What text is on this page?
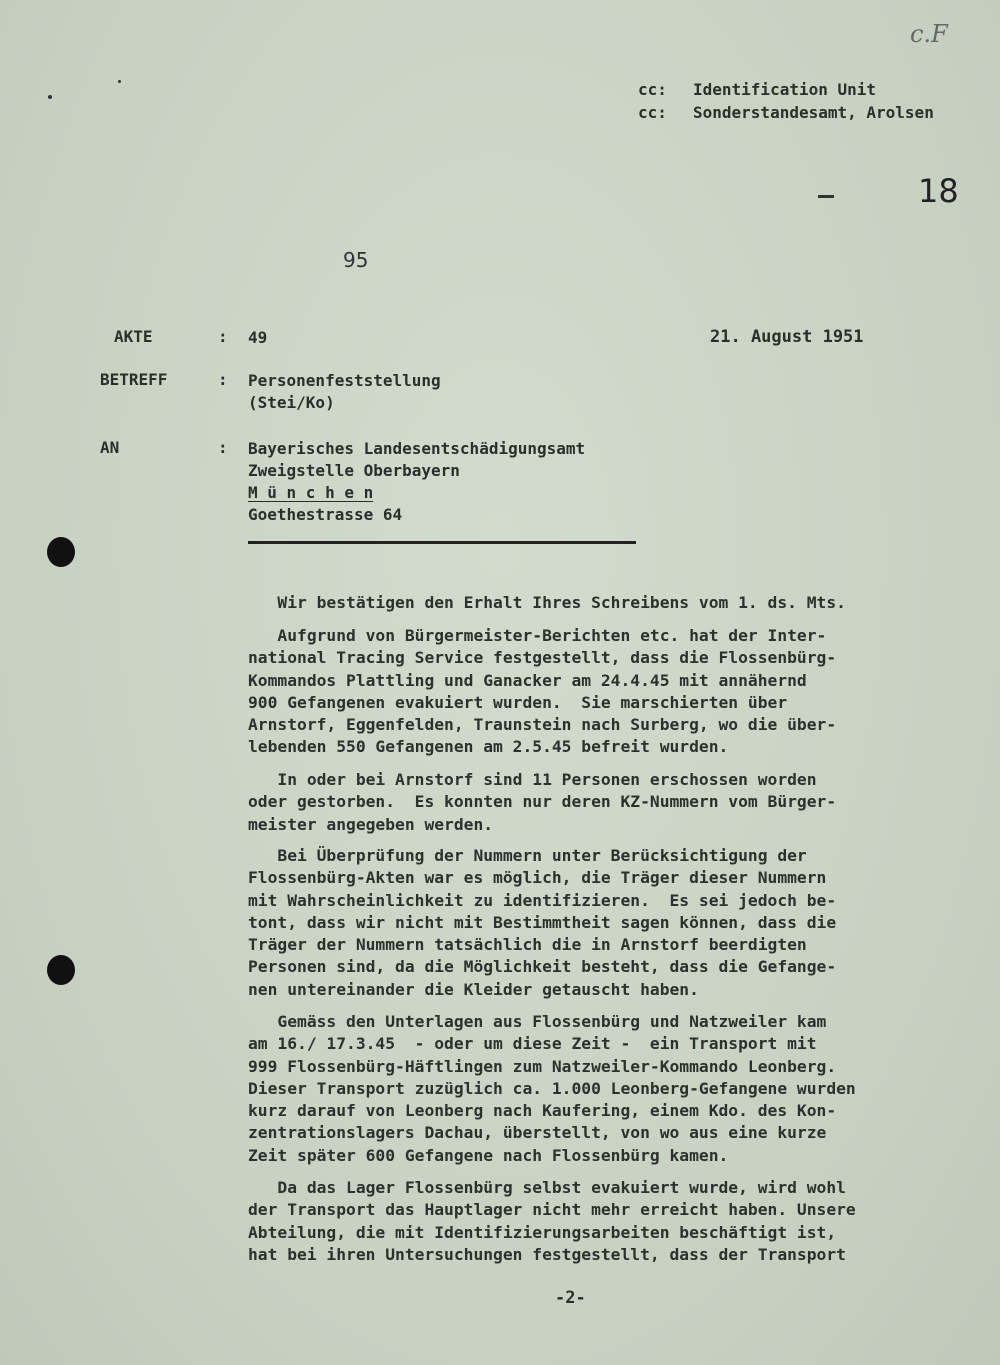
c.F
cc: Identification Unit
cc: Sonderstandesamt, Arolsen
18
95
AKTE	: 49	21. August 1951
BETREFF	: Personenfeststellung
(Stei/Ko)
AN	: Bayerisches Landesentschädigungsamt
Zweigstelle Oberbayern
M ü n c h e n
Goethestrasse 64
Wir bestätigen den Erhalt Ihres Schreibens vom 1. ds. Mts.
Aufgrund von Bürgermeister-Berichten etc. hat der Inter-
national Tracing Service festgestellt, dass die Flossenbürg-
Kommandos Plattling und Ganacker am 24.4.45 mit annähernd
900 Gefangenen evakuiert wurden.  Sie marschierten über
Arnstorf, Eggenfelden, Traunstein nach Surberg, wo die über-
lebenden 550 Gefangenen am 2.5.45 befreit wurden.
In oder bei Arnstorf sind 11 Personen erschossen worden
oder gestorben.  Es konnten nur deren KZ-Nummern vom Bürger-
meister angegeben werden.
Bei Überprüfung der Nummern unter Berücksichtigung der
Flossenbürg-Akten war es möglich, die Träger dieser Nummern
mit Wahrscheinlichkeit zu identifizieren.  Es sei jedoch be-
tont, dass wir nicht mit Bestimmtheit sagen können, dass die
Träger der Nummern tatsächlich die in Arnstorf beerdigten
Personen sind, da die Möglichkeit besteht, dass die Gefange-
nen untereinander die Kleider getauscht haben.
Gemäss den Unterlagen aus Flossenbürg und Natzweiler kam
am 16./ 17.3.45  - oder um diese Zeit -  ein Transport mit
999 Flossenbürg-Häftlingen zum Natzweiler-Kommando Leonberg.
Dieser Transport zuzüglich ca. 1.000 Leonberg-Gefangene wurden
kurz darauf von Leonberg nach Kaufering, einem Kdo. des Kon-
zentrationslagers Dachau, überstellt, von wo aus eine kurze
Zeit später 600 Gefangene nach Flossenbürg kamen.
Da das Lager Flossenbürg selbst evakuiert wurde, wird wohl
der Transport das Hauptlager nicht mehr erreicht haben. Unsere
Abteilung, die mit Identifizierungsarbeiten beschäftigt ist,
hat bei ihren Untersuchungen festgestellt, dass der Transport
-2-
